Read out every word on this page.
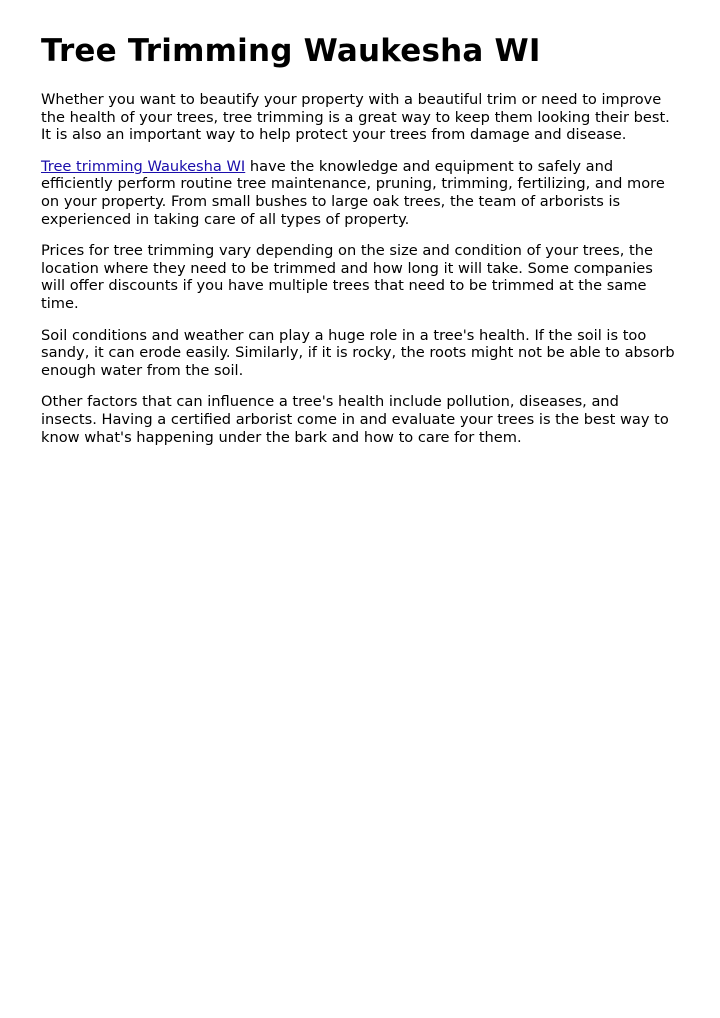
Tree Trimming Waukesha WI

Whether you want to beautify your property with a beautiful trim or need to improve the health of your trees, tree trimming is a great way to keep them looking their best. It is also an important way to help protect your trees from damage and disease.

Tree trimming Waukesha WI have the knowledge and equipment to safely and efficiently perform routine tree maintenance, pruning, trimming, fertilizing, and more on your property. From small bushes to large oak trees, the team of arborists is experienced in taking care of all types of property.

Prices for tree trimming vary depending on the size and condition of your trees, the location where they need to be trimmed and how long it will take. Some companies will offer discounts if you have multiple trees that need to be trimmed at the same time.

Soil conditions and weather can play a huge role in a tree's health. If the soil is too sandy, it can erode easily. Similarly, if it is rocky, the roots might not be able to absorb enough water from the soil.

Other factors that can influence a tree's health include pollution, diseases, and insects. Having a certified arborist come in and evaluate your trees is the best way to know what's happening under the bark and how to care for them.
